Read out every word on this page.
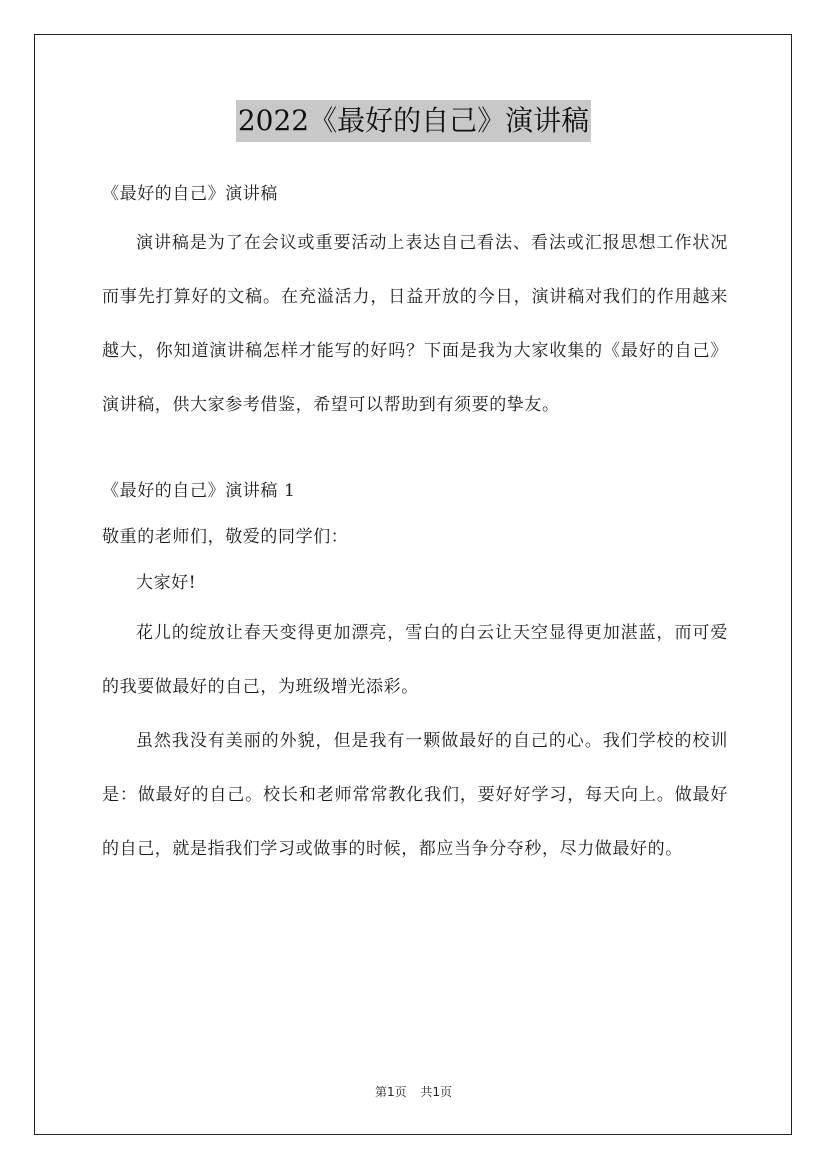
2022《最好的自己》演讲稿

《最好的自己》演讲稿

演讲稿是为了在会议或重要活动上表达自己看法、看法或汇报思想工作状况而事先打算好的文稿。在充溢活力，日益开放的今日，演讲稿对我们的作用越来越大，你知道演讲稿怎样才能写的好吗？下面是我为大家收集的《最好的自己》演讲稿，供大家参考借鉴，希望可以帮助到有须要的挚友。

《最好的自己》演讲稿 1

敬重的老师们，敬爱的同学们：

大家好!

花儿的绽放让春天变得更加漂亮，雪白的白云让天空显得更加湛蓝，而可爱的我要做最好的自己，为班级增光添彩。

虽然我没有美丽的外貌，但是我有一颗做最好的自己的心。我们学校的校训是：做最好的自己。校长和老师常常教化我们，要好好学习，每天向上。做最好的自己，就是指我们学习或做事的时候，都应当争分夺秒，尽力做最好的。

第1页 共1页
